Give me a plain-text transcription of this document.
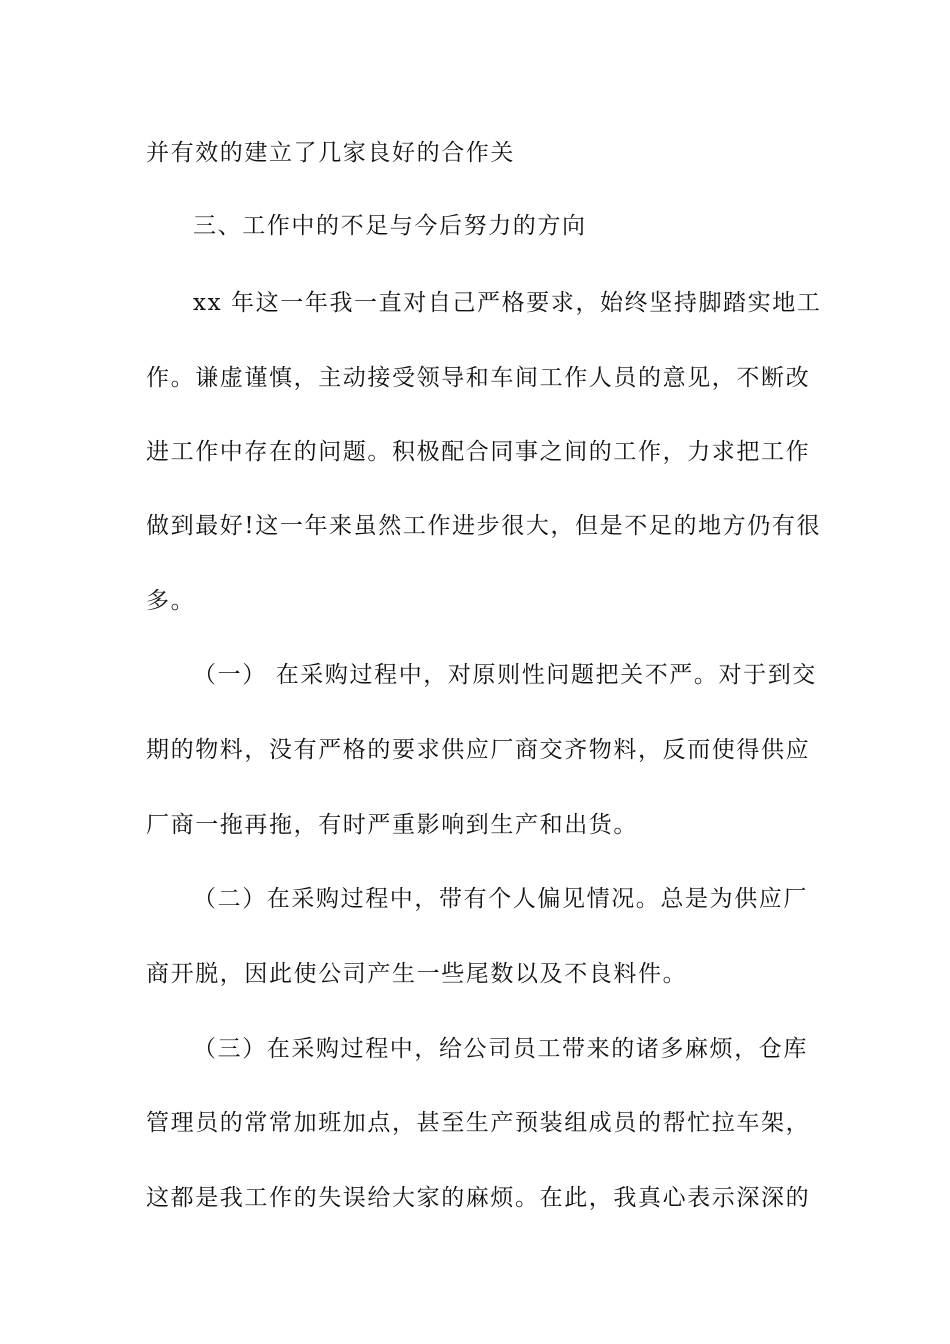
并有效的建立了几家良好的合作关
三、工作中的不足与今后努力的方向
xx 年这一年我一直对自己严格要求，始终坚持脚踏实地工
作。谦虚谨慎，主动接受领导和车间工作人员的意见，不断改
进工作中存在的问题。积极配合同事之间的工作，力求把工作
做到最好!这一年来虽然工作进步很大，但是不足的地方仍有很
多。
（一） 在采购过程中，对原则性问题把关不严。对于到交
期的物料，没有严格的要求供应厂商交齐物料，反而使得供应
厂商一拖再拖，有时严重影响到生产和出货。
（二）在采购过程中，带有个人偏见情况。总是为供应厂
商开脱，因此使公司产生一些尾数以及不良料件。
（三）在采购过程中，给公司员工带来的诸多麻烦，仓库
管理员的常常加班加点，甚至生产预装组成员的帮忙拉车架，
这都是我工作的失误给大家的麻烦。在此，我真心表示深深的
